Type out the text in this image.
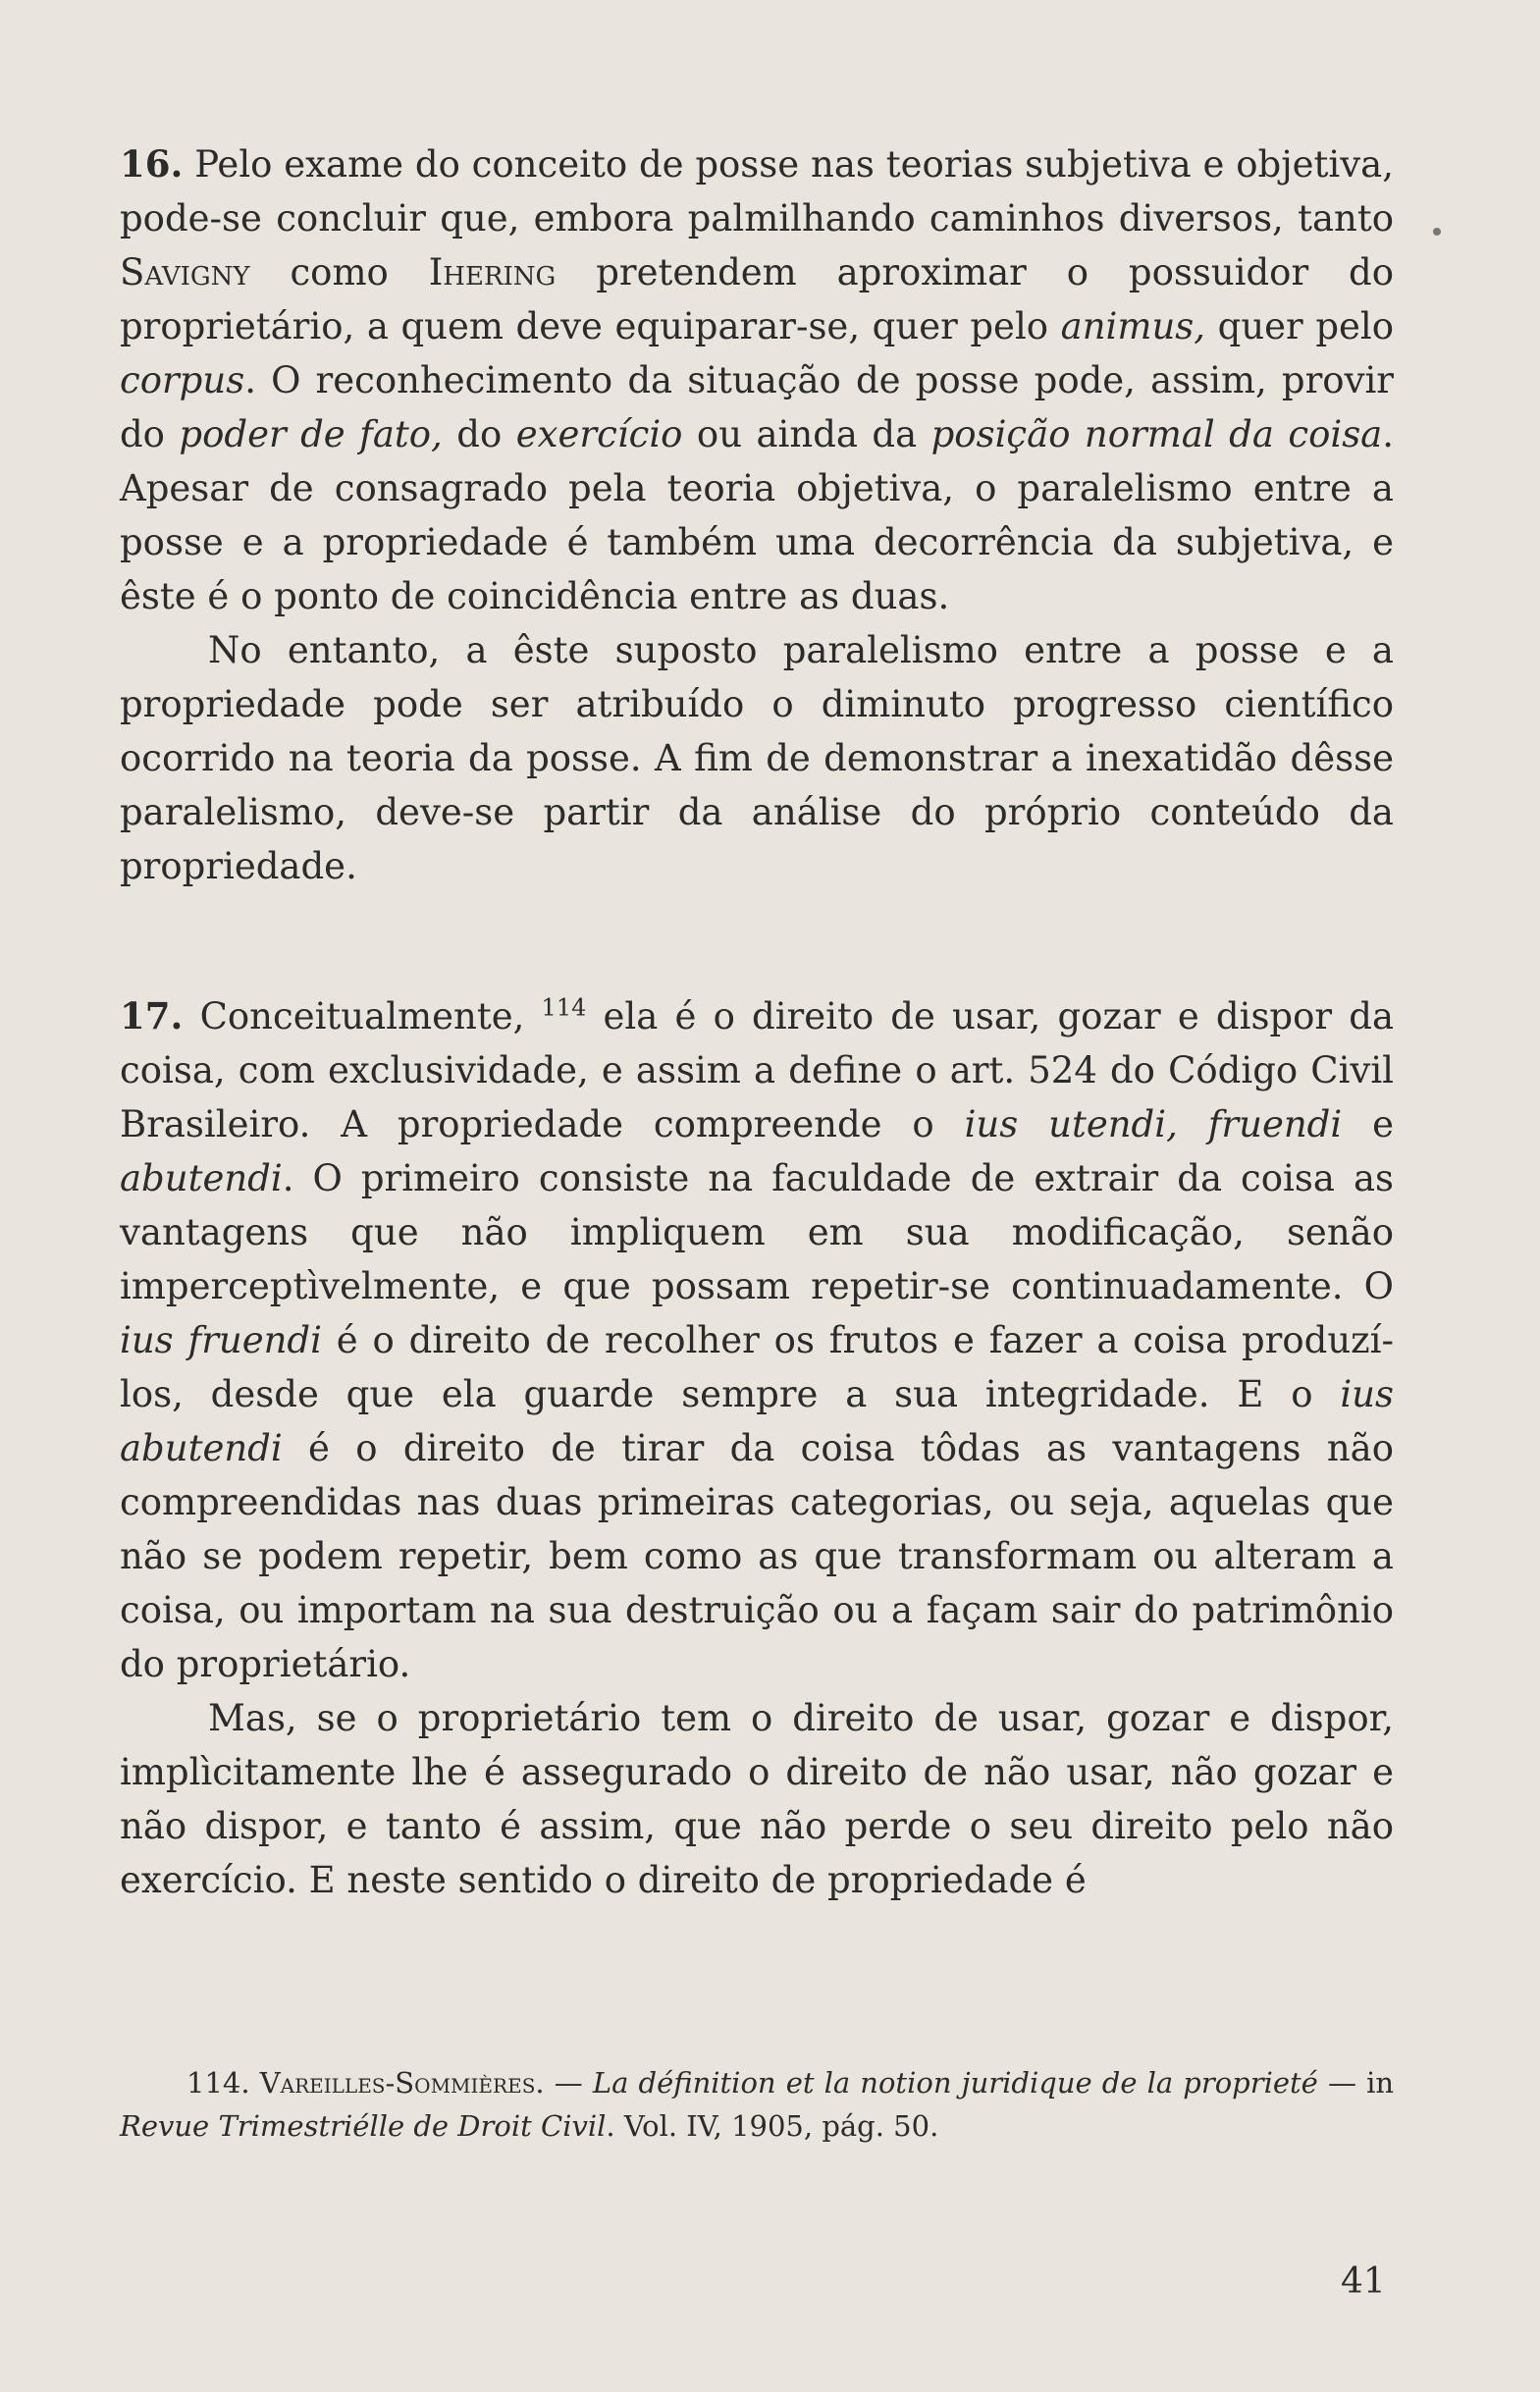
16. Pelo exame do conceito de posse nas teorias subjetiva e objetiva, pode-se concluir que, embora palmilhando caminhos diversos, tanto Savigny como Ihering pretendem aproximar o possuidor do proprietário, a quem deve equiparar-se, quer pelo animus, quer pelo corpus. O reconhecimento da situação de posse pode, assim, provir do poder de fato, do exercício ou ainda da posição normal da coisa. Apesar de consagrado pela teoria objetiva, o paralelismo entre a posse e a propriedade é também uma decorrência da subjetiva, e êste é o ponto de coincidência entre as duas.

No entanto, a êste suposto paralelismo entre a posse e a propriedade pode ser atribuído o diminuto progresso científico ocorrido na teoria da posse. A fim de demonstrar a inexatidão dêsse paralelismo, deve-se partir da análise do próprio conteúdo da propriedade.

17. Conceitualmente, $^{114}$ ela é o direito de usar, gozar e dispor da coisa, com exclusividade, e assim a define o art. 524 do Código Civil Brasileiro. A propriedade compreende o ius utendi, fruendi e abutendi. O primeiro consiste na faculdade de extrair da coisa as vantagens que não impliquem em sua modificação, senão imperceptìvelmente, e que possam repetir-se continuadamente. O ius fruendi é o direito de recolher os frutos e fazer a coisa produzí-los, desde que ela guarde sempre a sua integridade. E o ius abutendi é o direito de tirar da coisa tôdas as vantagens não compreendidas nas duas primeiras categorias, ou seja, aquelas que não se podem repetir, bem como as que transformam ou alteram a coisa, ou importam na sua destruição ou a façam sair do patrimônio do proprietário.

Mas, se o proprietário tem o direito de usar, gozar e dispor, implìcitamente lhe é assegurado o direito de não usar, não gozar e não dispor, e tanto é assim, que não perde o seu direito pelo não exercício. E neste sentido o direito de propriedade é

114. Vareilles-Sommières. — La définition et la notion juridique de la proprieté — in Revue Trimestriélle de Droit Civil. Vol. IV, 1905, pág. 50.

41
